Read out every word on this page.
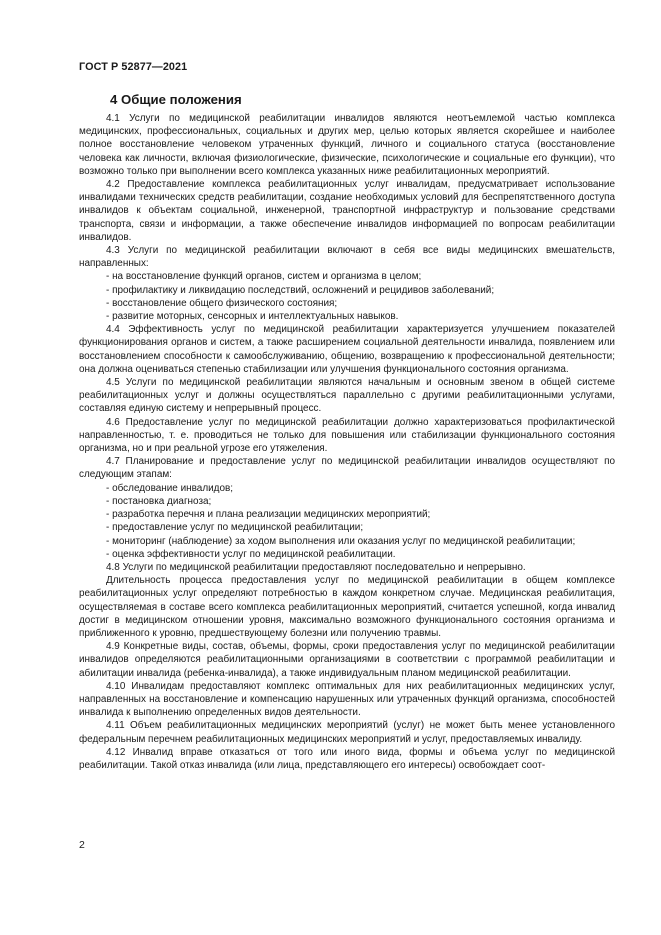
ГОСТ Р 52877—2021
4 Общие положения

4.1 Услуги по медицинской реабилитации инвалидов являются неотъемлемой частью комплекса медицинских, профессиональных, социальных и других мер, целью которых является скорейшее и наиболее полное восстановление человеком утраченных функций, личного и социального статуса (восстановление человека как личности, включая физиологические, физические, психологические и социальные его функции), что возможно только при выполнении всего комплекса указанных ниже реабилитационных мероприятий.

4.2 Предоставление комплекса реабилитационных услуг инвалидам, предусматривает использование инвалидами технических средств реабилитации, создание необходимых условий для беспрепятственного доступа инвалидов к объектам социальной, инженерной, транспортной инфраструктур и пользование средствами транспорта, связи и информации, а также обеспечение инвалидов информацией по вопросам реабилитации инвалидов.

4.3 Услуги по медицинской реабилитации включают в себя все виды медицинских вмешательств, направленных:

- на восстановление функций органов, систем и организма в целом;

- профилактику и ликвидацию последствий, осложнений и рецидивов заболеваний;

- восстановление общего физического состояния;

- развитие моторных, сенсорных и интеллектуальных навыков.

4.4 Эффективность услуг по медицинской реабилитации характеризуется улучшением показателей функционирования органов и систем, а также расширением социальной деятельности инвалида, появлением или восстановлением способности к самообслуживанию, общению, возвращению к профессиональной деятельности; она должна оцениваться степенью стабилизации или улучшения функционального состояния организма.

4.5 Услуги по медицинской реабилитации являются начальным и основным звеном в общей системе реабилитационных услуг и должны осуществляться параллельно с другими реабилитационными услугами, составляя единую систему и непрерывный процесс.

4.6 Предоставление услуг по медицинской реабилитации должно характеризоваться профилактической направленностью, т. е. проводиться не только для повышения или стабилизации функционального состояния организма, но и при реальной угрозе его утяжеления.

4.7 Планирование и предоставление услуг по медицинской реабилитации инвалидов осуществляют по следующим этапам:

- обследование инвалидов;

- постановка диагноза;

- разработка перечня и плана реализации медицинских мероприятий;

- предоставление услуг по медицинской реабилитации;

- мониторинг (наблюдение) за ходом выполнения или оказания услуг по медицинской реабилитации;

- оценка эффективности услуг по медицинской реабилитации.

4.8 Услуги по медицинской реабилитации предоставляют последовательно и непрерывно.

Длительность процесса предоставления услуг по медицинской реабилитации в общем комплексе реабилитационных услуг определяют потребностью в каждом конкретном случае. Медицинская реабилитация, осуществляемая в составе всего комплекса реабилитационных мероприятий, считается успешной, когда инвалид достиг в медицинском отношении уровня, максимально возможного функционального состояния организма и приближенного к уровню, предшествующему болезни или получению травмы.

4.9 Конкретные виды, состав, объемы, формы, сроки предоставления услуг по медицинской реабилитации инвалидов определяются реабилитационными организациями в соответствии с программой реабилитации и абилитации инвалида (ребенка-инвалида), а также индивидуальным планом медицинской реабилитации.

4.10 Инвалидам предоставляют комплекс оптимальных для них реабилитационных медицинских услуг, направленных на восстановление и компенсацию нарушенных или утраченных функций организма, способностей инвалида к выполнению определенных видов деятельности.

4.11 Объем реабилитационных медицинских мероприятий (услуг) не может быть менее установленного федеральным перечнем реабилитационных медицинских мероприятий и услуг, предоставляемых инвалиду.

4.12 Инвалид вправе отказаться от того или иного вида, формы и объема услуг по медицинской реабилитации. Такой отказ инвалида (или лица, представляющего его интересы) освобождает соот-

2
